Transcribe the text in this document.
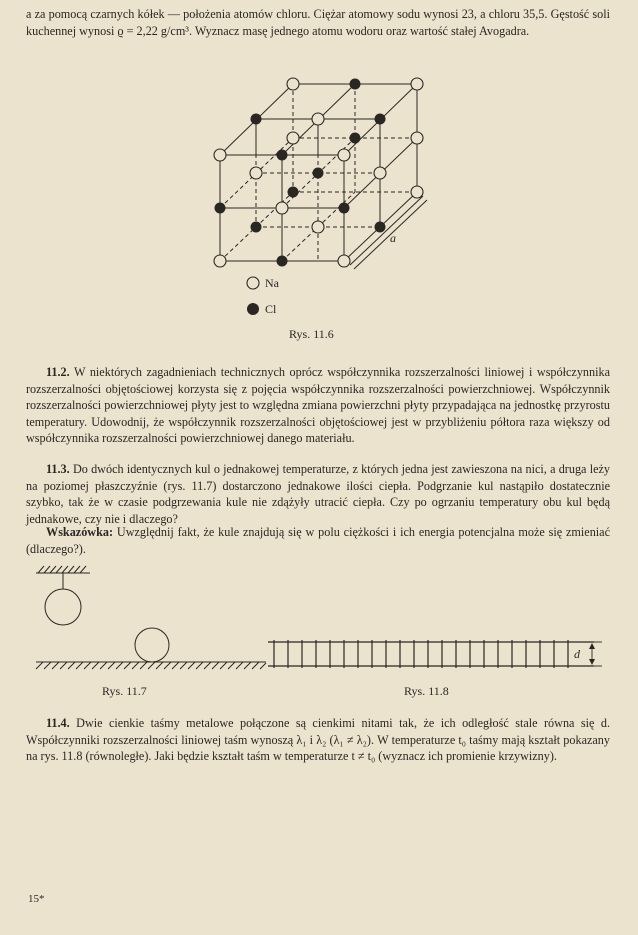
a za pomocą czarnych kółek — położenia atomów chloru. Ciężar atomowy sodu wynosi 23, a chloru 35,5. Gęstość soli kuchennej wynosi ϱ = 2,22 g/cm³. Wyznacz masę jednego atomu wodoru oraz wartość stałej Avogadra.
a
Na
Cl
Rys. 11.6
11.2. W niektórych zagadnieniach technicznych oprócz współczynnika rozszerzalności liniowej i współczynnika rozszerzalności objętościowej korzysta się z pojęcia współczynnika rozszerzalności powierzchniowej. Współczynnik rozszerzalności powierzchniowej płyty jest to względna zmiana powierzchni płyty przypadająca na jednostkę przyrostu temperatury. Udowodnij, że współczynnik rozszerzalności objętościowej jest w przybliżeniu półtora raza większy od współczynnika rozszerzalności powierzchniowej danego materiału.
11.3. Do dwóch identycznych kul o jednakowej temperaturze, z których jedna jest zawieszona na nici, a druga leży na poziomej płaszczyźnie (rys. 11.7) dostarczono jednakowe ilości ciepła. Podgrzanie kul nastąpiło dostatecznie szybko, tak że w czasie podgrzewania kule nie zdążyły utracić ciepła. Czy po ogrzaniu temperatury obu kul będą jednakowe, czy nie i dlaczego?
Wskazówka: Uwzględnij fakt, że kule znajdują się w polu ciężkości i ich energia potencjalna może się zmieniać (dlaczego?).
Rys. 11.7
d
Rys. 11.8
11.4. Dwie cienkie taśmy metalowe połączone są cienkimi nitami tak, że ich odległość stale równa się d. Współczynniki rozszerzalności liniowej taśm wynoszą λ₁ i λ₂ (λ₁ ≠ λ₂). W temperaturze t₀ taśmy mają kształt pokazany na rys. 11.8 (równoległe). Jaki będzie kształt taśm w temperaturze t ≠ t₀ (wyznacz ich promienie krzywizny).
15*
